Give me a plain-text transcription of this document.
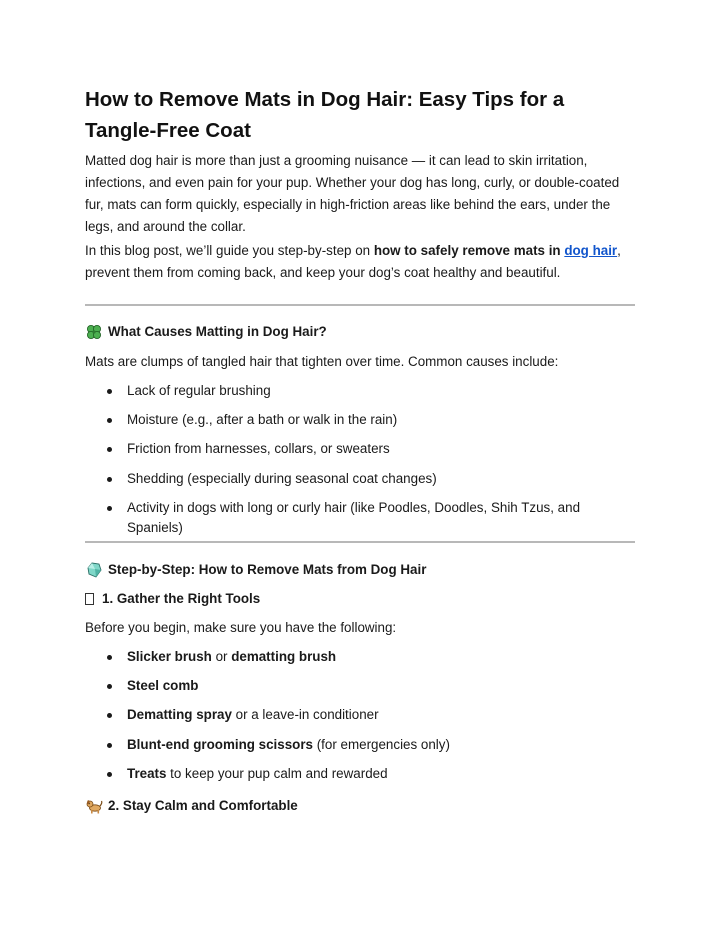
How to Remove Mats in Dog Hair: Easy Tips for a Tangle-Free Coat

Matted dog hair is more than just a grooming nuisance — it can lead to skin irritation, infections, and even pain for your pup. Whether your dog has long, curly, or double-coated fur, mats can form quickly, especially in high-friction areas like behind the ears, under the legs, and around the collar.

In this blog post, we’ll guide you step-by-step on how to safely remove mats in dog hair, prevent them from coming back, and keep your dog’s coat healthy and beautiful.

What Causes Matting in Dog Hair?

Mats are clumps of tangled hair that tighten over time. Common causes include:

Lack of regular brushing
Moisture (e.g., after a bath or walk in the rain)
Friction from harnesses, collars, or sweaters
Shedding (especially during seasonal coat changes)
Activity in dogs with long or curly hair (like Poodles, Doodles, Shih Tzus, and Spaniels)
Step-by-Step: How to Remove Mats from Dog Hair
1. Gather the Right Tools

Before you begin, make sure you have the following:

Slicker brush or dematting brush
Steel comb
Dematting spray or a leave-in conditioner
Blunt-end grooming scissors (for emergencies only)
Treats to keep your pup calm and rewarded
2. Stay Calm and Comfortable
